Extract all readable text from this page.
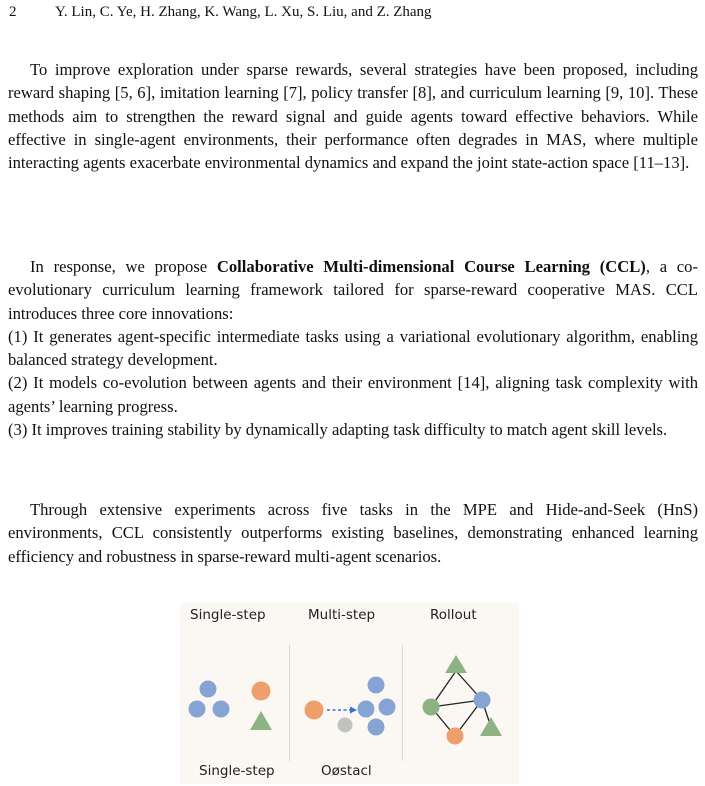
2	Y. Lin, C. Ye, H. Zhang, K. Wang, L. Xu, S. Liu, and Z. Zhang

To improve exploration under sparse rewards, several strategies have been proposed, including reward shaping [5, 6], imitation learning [7], policy transfer [8], and curriculum learning [9, 10]. These methods aim to strengthen the reward signal and guide agents toward effective behaviors. While effective in single-agent environments, their performance often degrades in MAS, where multiple interacting agents exacerbate environmental dynamics and expand the joint state-action space [11–13].

In response, we propose Collaborative Multi-dimensional Course Learning (CCL), a co-evolutionary curriculum learning framework tailored for sparse-reward cooperative MAS. CCL introduces three core innovations:
(1) It generates agent-specific intermediate tasks using a variational evolutionary algorithm, enabling balanced strategy development.
(2) It models co-evolution between agents and their environment [14], aligning task complexity with agents’ learning progress.
(3) It improves training stability by dynamically adapting task difficulty to match agent skill levels.

Through extensive experiments across five tasks in the MPE and Hide-and-Seek (HnS) environments, CCL consistently outperforms existing baselines, demonstrating enhanced learning efficiency and robustness in sparse-reward multi-agent scenarios.

Single-step	Multi-step	Rollout
Single-step	Oøstacl
